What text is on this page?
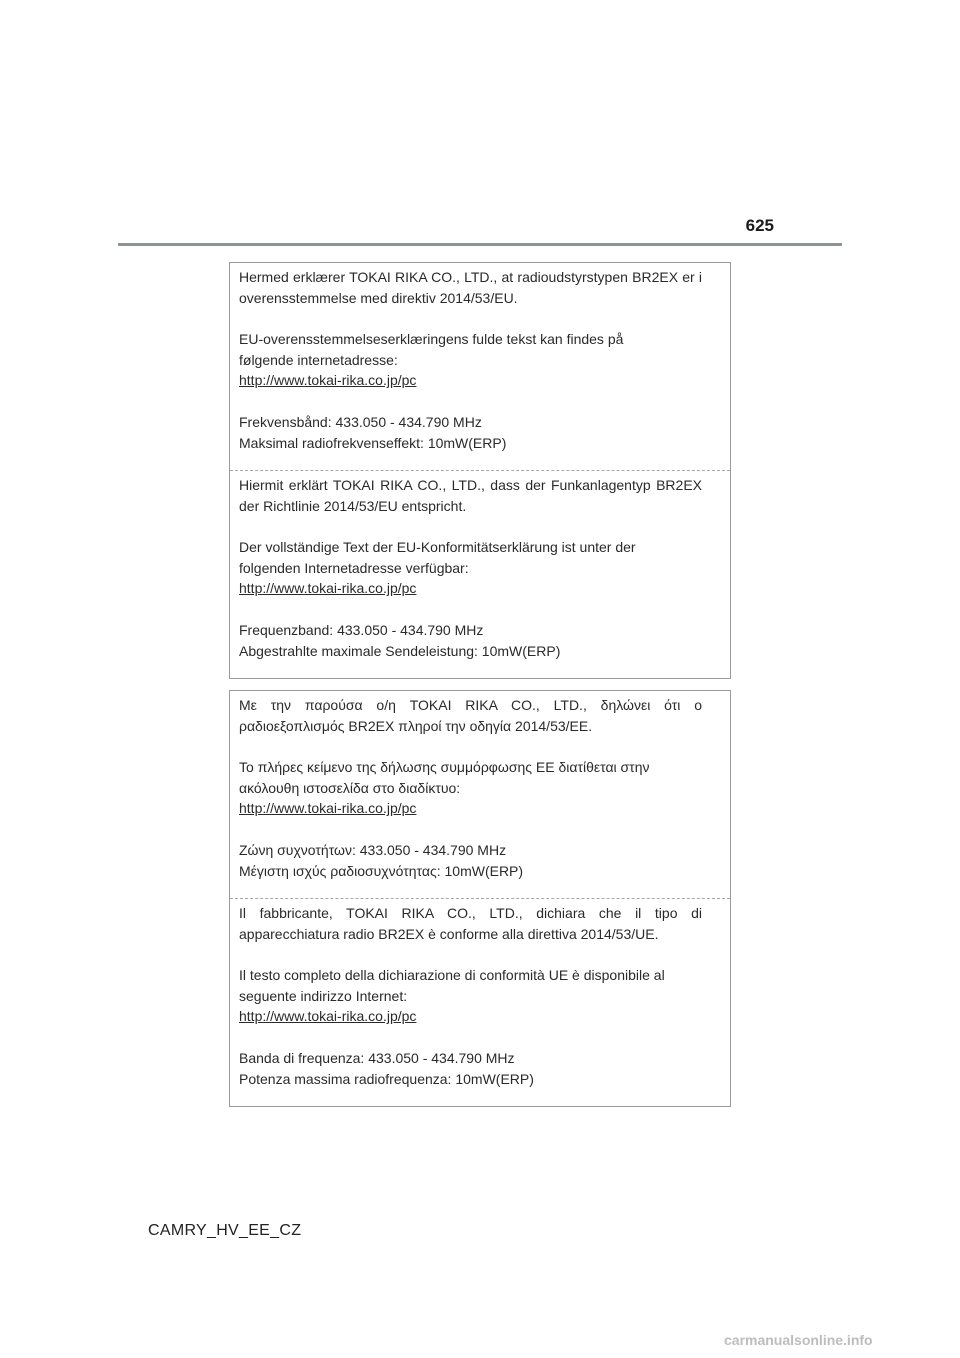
625

Hermed erklærer TOKAI RIKA CO., LTD., at radioudstyrstypen BR2EX er i overensstemmelse med direktiv 2014/53/EU.

EU-overensstemmelseserklæringens fulde tekst kan findes på
følgende internetadresse:
http://www.tokai-rika.co.jp/pc

Frekvensbånd: 433.050 - 434.790 MHz
Maksimal radiofrekvenseffekt: 10mW(ERP)

Hiermit erklärt TOKAI RIKA CO., LTD., dass der Funkanlagentyp BR2EX der Richtlinie 2014/53/EU entspricht.

Der vollständige Text der EU-Konformitätserklärung ist unter der
folgenden Internetadresse verfügbar:
http://www.tokai-rika.co.jp/pc

Frequenzband: 433.050 - 434.790 MHz
Abgestrahlte maximale Sendeleistung: 10mW(ERP)

Με την παρούσα ο/η TOKAI RIKA CO., LTD., δηλώνει ότι ο ραδιοεξοπλισμός BR2EX πληροί την οδηγία 2014/53/ΕΕ.

Το πλήρες κείμενο της δήλωσης συμμόρφωσης ΕΕ διατίθεται στην
ακόλουθη ιστοσελίδα στο διαδίκτυο:
http://www.tokai-rika.co.jp/pc

Ζώνη συχνοτήτων: 433.050 - 434.790 MHz
Μέγιστη ισχύς ραδιοσυχνότητας: 10mW(ERP)

Il fabbricante, TOKAI RIKA CO., LTD., dichiara che il tipo di apparecchiatura radio BR2EX è conforme alla direttiva 2014/53/UE.

Il testo completo della dichiarazione di conformità UE è disponibile al
seguente indirizzo Internet:
http://www.tokai-rika.co.jp/pc

Banda di frequenza: 433.050 - 434.790 MHz
Potenza massima radiofrequenza: 10mW(ERP)

CAMRY_HV_EE_CZ
carmanualsonline.info
